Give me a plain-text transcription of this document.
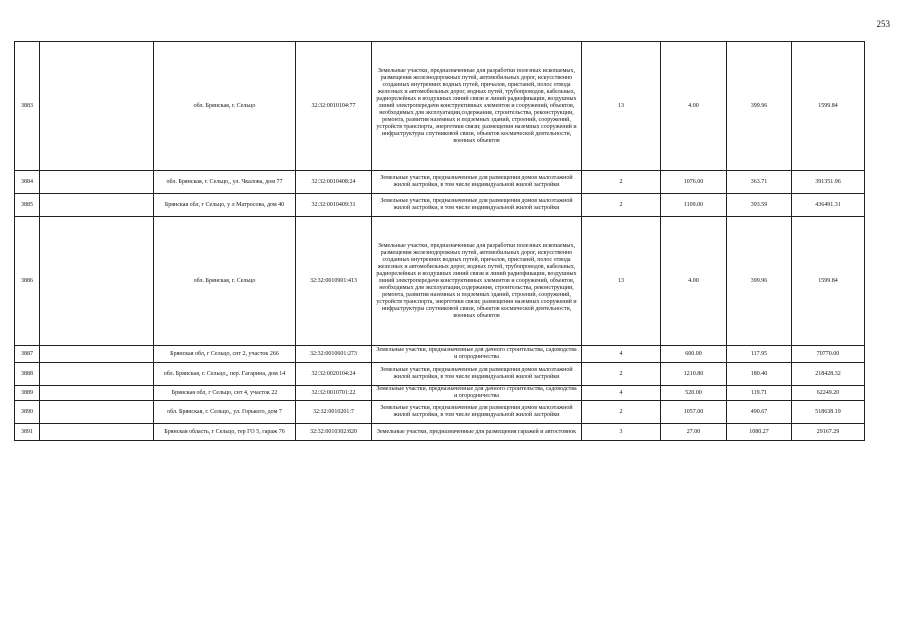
253
3883		обл. Брянская, г. Сельцо	32:32:0010104:77	Земельные участки, предназначенные для разработки полезных ископаемых, размещения железнодорожных путей, автомобильных дорог, искусственно созданных внутренних водных путей, причалов, пристаней, полос отвода железных и автомобильных дорог, водных путей, трубопроводов, кабельных, радиорелейных и воздушных линий связи и линий радиофикации, воздушных линий электропередачи конструктивных элементов и сооружений, объектов, необходимых для эксплуатации,содержания, строительства, реконструкции, ремонта, развития наземных и подземных зданий, строений, сооружений, устройств транспорта, энергетики связи; размещения наземных сооружений и инфраструктуры спутниковой связи, объектов космической деятельности, военных объектов	13	4.00	399.96	1599.84
3884		обл. Брянская, г. Сельцо,, ул. Чкалова, дом 77	32:32:0010408:24	Земельные участки, предназначенные для размещения домов малоэтажной жилой застройки, в том числе индивидуальной жилой застройки	2	1076.00	363.71	391351.96
3885		Брянская обл, г Сельцо, у л Матросова, дом 40	32:32:0010409:31	Земельные участки, предназначенные для размещения домов малоэтажной жилой застройки, в том числе индивидуальной жилой застройки	2	1109.00	393.59	436491.31
3886		обл. Брянская, г. Сельцо	32:32:0010901:413	Земельные участки, предназначенные для разработки полезных ископаемых, размещения железнодорожных путей, автомобильных дорог, искусственно созданных внутренних водных путей, причалов, пристаней, полос отвода железных и автомобильных дорог, водных путей, трубопроводов, кабельных, радиорелейных и воздушных линий связи и линий радиофикации, воздушных линий электропередачи конструктивных элементов и сооружений, объектов, необходимых для эксплуатации,содержания, строительства, реконструкции, ремонта, развития наземных и подземных зданий, строений, сооружений, устройств транспорта, энергетики связи; размещения наземных сооружений и инфраструктуры спутниковой связи, объектов космической деятельности, военных объектов	13	4.00	399.96	1599.84
3887		Брянская обл, г Сельцо, снт 2, участок 266	32:32:0010601:273	Земельные участки, предназначенные для дачного строительства, садоводства и огородничества	4	600.00	117.95	70770.00
3888		обл. Брянская, г. Сельцо,, пер. Гагарина, дом 14	32:32:0020104:24	Земельные участки, предназначенные для размещения домов малоэтажной жилой застройки, в том числе индивидуальной жилой застройки	2	1210.80	180.40	218428.32
3889		Брянская обл, г Сельцо, снт 4, участок 22	32:32:0010701:22	Земельные участки, предназначенные для дачного строительства, садоводства и огородничества	4	520.00	119.71	62249.20
3890		обл. Брянская, г. Сельцо,, ул. Горького, дом 7	32:32:0010201:7	Земельные участки, предназначенные для размещения домов малоэтажной жилой застройки, в том числе индивидуальной жилой застройки	2	1057.00	490.67	518638.19
3891		Брянская область, г Сельцо, тер ГО 5, гараж 76	32:32:0010302:820	Земельные участки, предназначенные для размещения гаражей и автостоянок	3	27.00	1080.27	29167.29
